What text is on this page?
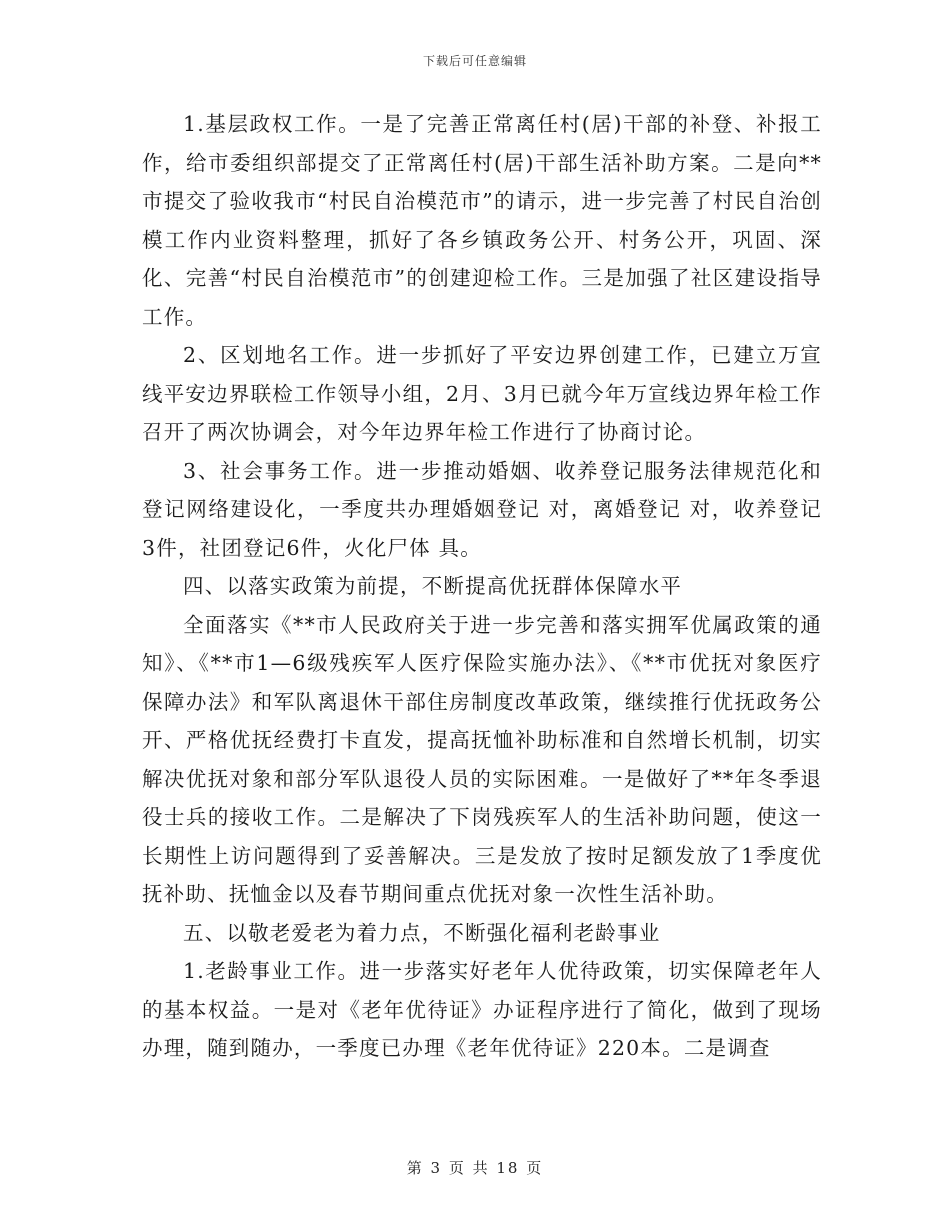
下载后可任意编辑

1.基层政权工作。一是了完善正常离任村(居)干部的补登、补报工作，给市委组织部提交了正常离任村(居)干部生活补助方案。二是向**市提交了验收我市“村民自治模范市”的请示，进一步完善了村民自治创模工作内业资料整理，抓好了各乡镇政务公开、村务公开，巩固、深化、完善“村民自治模范市”的创建迎检工作。三是加强了社区建设指导工作。

2、区划地名工作。进一步抓好了平安边界创建工作，已建立万宣线平安边界联检工作领导小组，2月、3月已就今年万宣线边界年检工作召开了两次协调会，对今年边界年检工作进行了协商讨论。

3、社会事务工作。进一步推动婚姻、收养登记服务法律规范化和登记网络建设化，一季度共办理婚姻登记 对，离婚登记 对，收养登记3件，社团登记6件，火化尸体 具。

四、以落实政策为前提，不断提高优抚群体保障水平

全面落实《**市人民政府关于进一步完善和落实拥军优属政策的通知》、《**市1—6级残疾军人医疗保险实施办法》、《**市优抚对象医疗保障办法》和军队离退休干部住房制度改革政策，继续推行优抚政务公开、严格优抚经费打卡直发，提高抚恤补助标准和自然增长机制，切实解决优抚对象和部分军队退役人员的实际困难。一是做好了**年冬季退役士兵的接收工作。二是解决了下岗残疾军人的生活补助问题，使这一长期性上访问题得到了妥善解决。三是发放了按时足额发放了1季度优抚补助、抚恤金以及春节期间重点优抚对象一次性生活补助。

五、以敬老爱老为着力点，不断强化福利老龄事业

1.老龄事业工作。进一步落实好老年人优待政策，切实保障老年人的基本权益。一是对《老年优待证》办证程序进行了简化，做到了现场办理，随到随办，一季度已办理《老年优待证》220本。二是调查

第 3 页 共 18 页
